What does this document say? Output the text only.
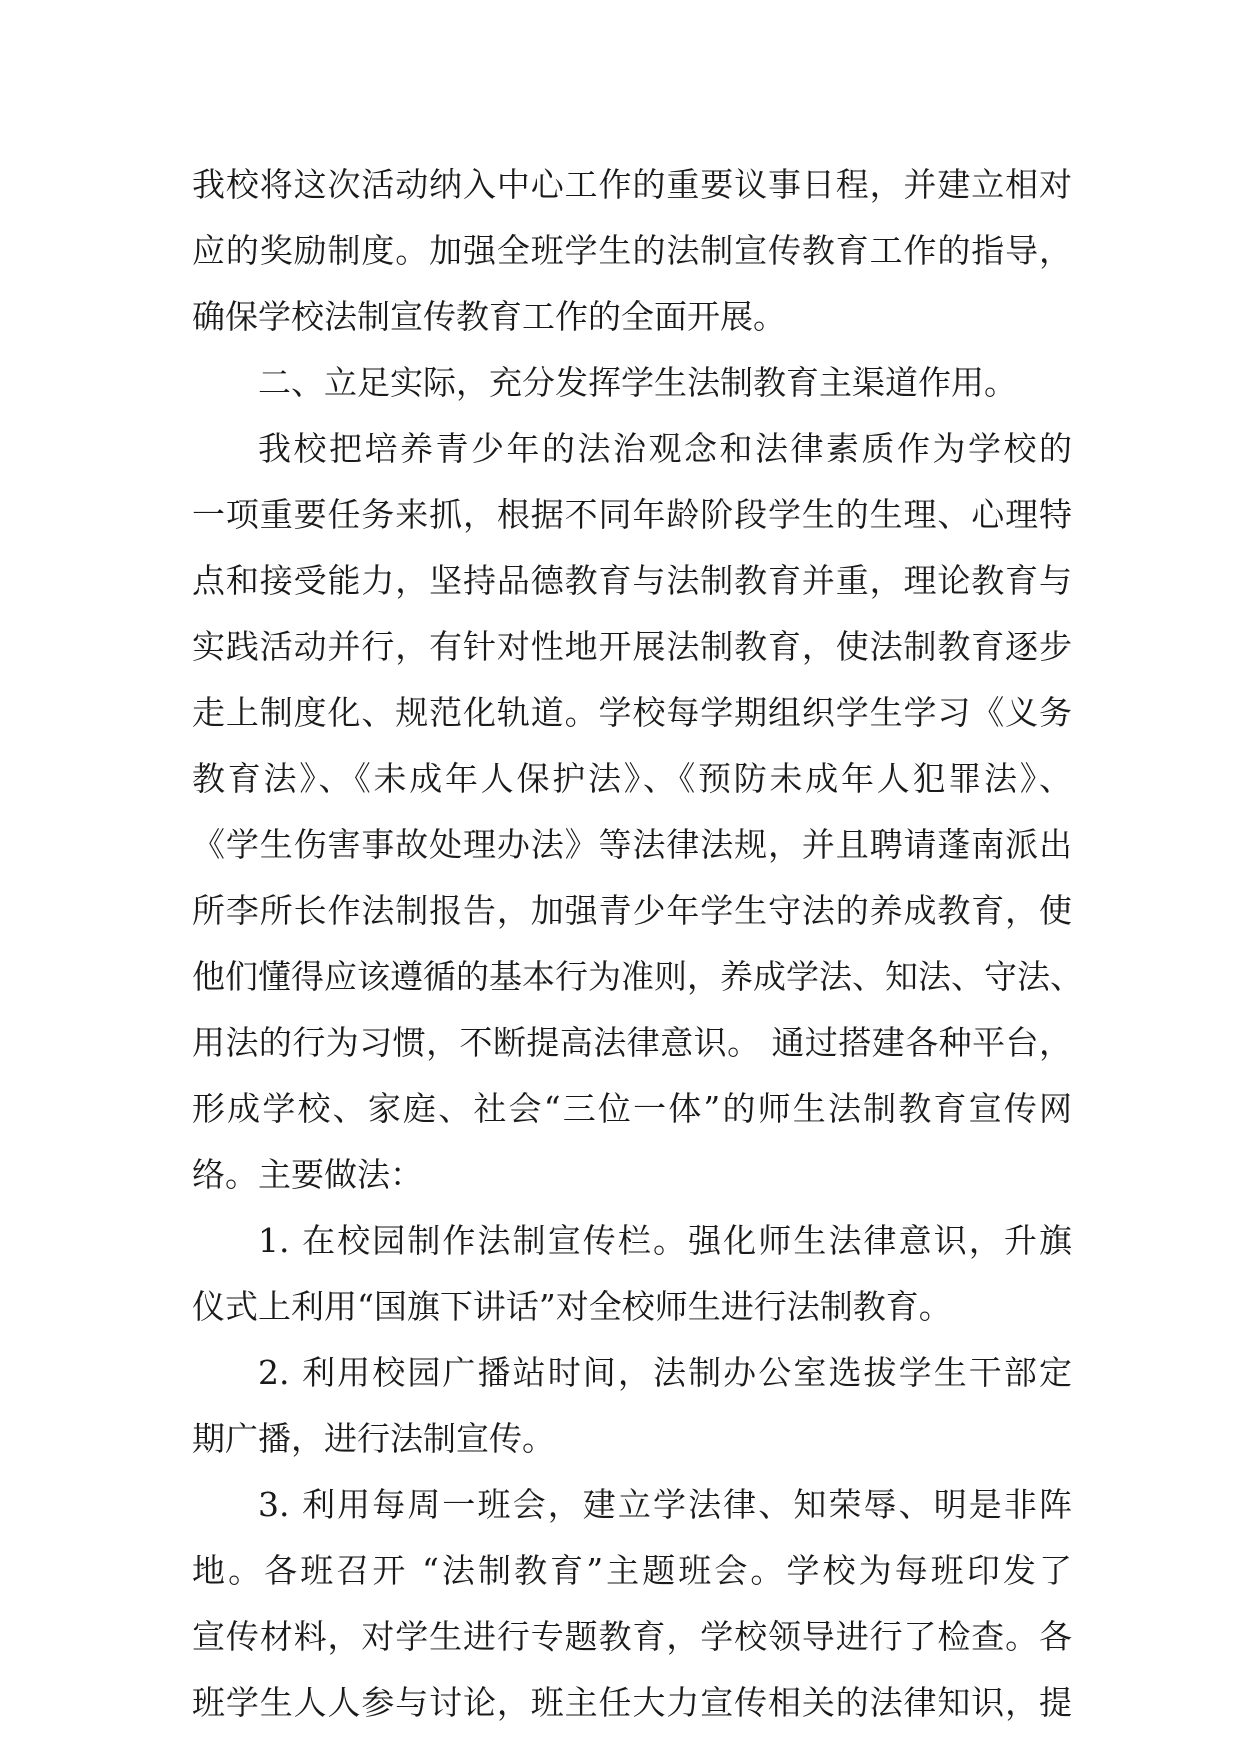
我校将这次活动纳入中心工作的重要议事日程，并建立相对
应的奖励制度。加强全班学生的法制宣传教育工作的指导，
确保学校法制宣传教育工作的全面开展。
二、立足实际，充分发挥学生法制教育主渠道作用。
我校把培养青少年的法治观念和法律素质作为学校的
一项重要任务来抓，根据不同年龄阶段学生的生理、心理特
点和接受能力，坚持品德教育与法制教育并重，理论教育与
实践活动并行，有针对性地开展法制教育，使法制教育逐步
走上制度化、规范化轨道。学校每学期组织学生学习《义务
教育法》、《未成年人保护法》、《预防未成年人犯罪法》、
《学生伤害事故处理办法》等法律法规，并且聘请蓬南派出
所李所长作法制报告，加强青少年学生守法的养成教育，使
他们懂得应该遵循的基本行为准则，养成学法、知法、守法、
用法的行为习惯，不断提高法律意识。 通过搭建各种平台，
形成学校、家庭、社会“三位一体”的师生法制教育宣传网
络。主要做法：
1. 在校园制作法制宣传栏。强化师生法律意识，升旗
仪式上利用“国旗下讲话”对全校师生进行法制教育。
2. 利用校园广播站时间，法制办公室选拔学生干部定
期广播，进行法制宣传。
3. 利用每周一班会，建立学法律、知荣辱、明是非阵
地。各班召开 “法制教育”主题班会。学校为每班印发了
宣传材料，对学生进行专题教育，学校领导进行了检查。各
班学生人人参与讨论，班主任大力宣传相关的法律知识，提
